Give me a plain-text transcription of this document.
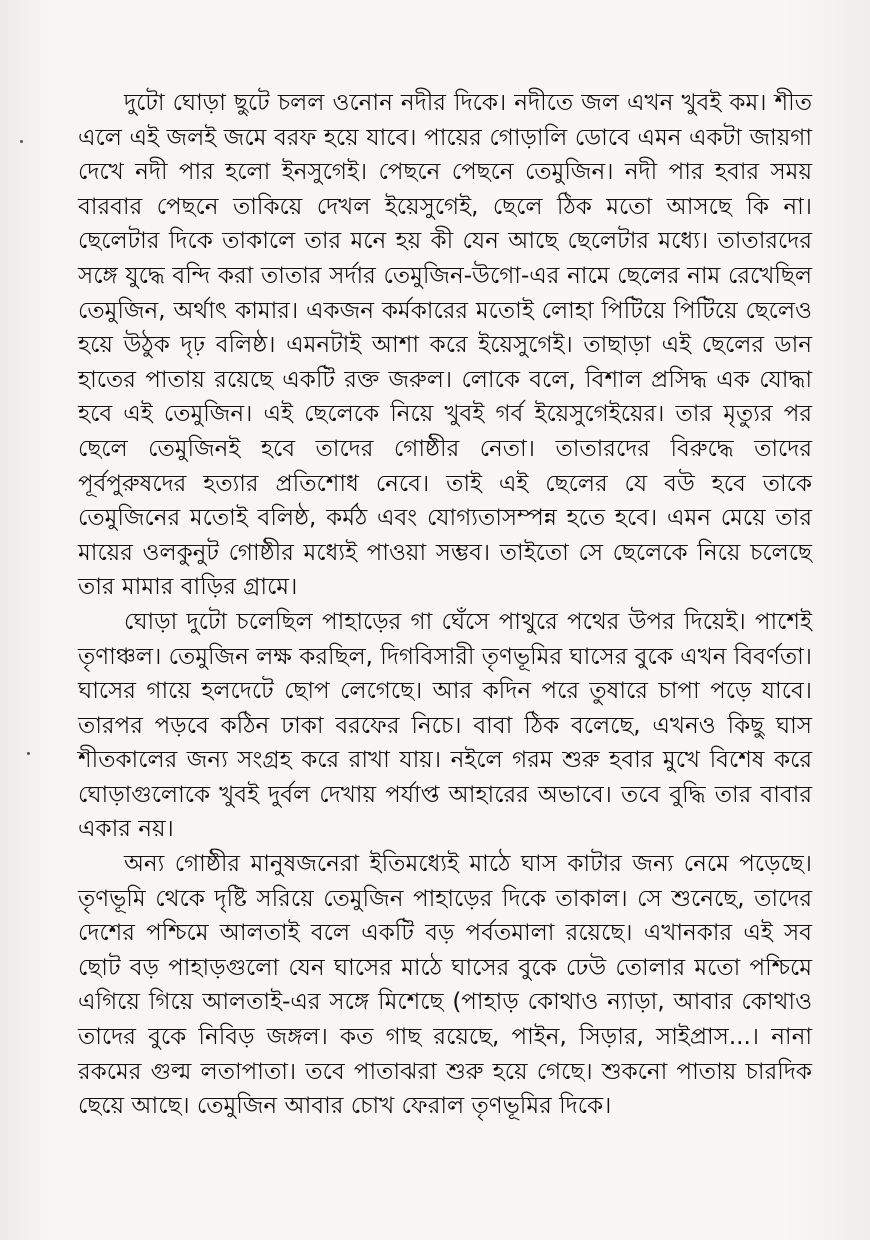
দুটো ঘোড়া ছুটে চলল ওনোন নদীর দিকে। নদীতে জল এখন খুবই কম। শীত এলে এই জলই জমে বরফ হয়ে যাবে। পায়ের গোড়ালি ডোবে এমন একটা জায়গা দেখে নদী পার হলো ইনসুগেই। পেছনে পেছনে তেমুজিন। নদী পার হবার সময় বারবার পেছনে তাকিয়ে দেখল ইয়েসুগেই, ছেলে ঠিক মতো আসছে কি না। ছেলেটার দিকে তাকালে তার মনে হয় কী যেন আছে ছেলেটার মধ্যে। তাতারদের সঙ্গে যুদ্ধে বন্দি করা তাতার সর্দার তেমুজিন-উগো-এর নামে ছেলের নাম রেখেছিল তেমুজিন, অর্থাৎ কামার। একজন কর্মকারের মতোই লোহা পিটিয়ে পিটিয়ে ছেলেও হয়ে উঠুক দৃঢ় বলিষ্ঠ। এমনটাই আশা করে ইয়েসুগেই। তাছাড়া এই ছেলের ডান হাতের পাতায় রয়েছে একটি রক্ত জরুল। লোকে বলে, বিশাল প্রসিদ্ধ এক যোদ্ধা হবে এই তেমুজিন। এই ছেলেকে নিয়ে খুবই গর্ব ইয়েসুগেইয়ের। তার মৃত্যুর পর ছেলে তেমুজিনই হবে তাদের গোষ্ঠীর নেতা। তাতারদের বিরুদ্ধে তাদের পূর্বপুরুষদের হত্যার প্রতিশোধ নেবে। তাই এই ছেলের যে বউ হবে তাকে তেমুজিনের মতোই বলিষ্ঠ, কর্মঠ এবং যোগ্যতাসম্পন্ন হতে হবে। এমন মেয়ে তার মায়ের ওলকুনুট গোষ্ঠীর মধ্যেই পাওয়া সম্ভব। তাইতো সে ছেলেকে নিয়ে চলেছে তার মামার বাড়ির গ্রামে।

ঘোড়া দুটো চলেছিল পাহাড়ের গা ঘেঁসে পাথুরে পথের উপর দিয়েই। পাশেই তৃণাঞ্চল। তেমুজিন লক্ষ করছিল, দিগবিসারী তৃণভূমির ঘাসের বুকে এখন বিবর্ণতা। ঘাসের গায়ে হলদেটে ছোপ লেগেছে। আর কদিন পরে তুষারে চাপা পড়ে যাবে। তারপর পড়বে কঠিন ঢাকা বরফের নিচে। বাবা ঠিক বলেছে, এখনও কিছু ঘাস শীতকালের জন্য সংগ্রহ করে রাখা যায়। নইলে গরম শুরু হবার মুখে বিশেষ করে ঘোড়াগুলোকে খুবই দুর্বল দেখায় পর্যাপ্ত আহারের অভাবে। তবে বুদ্ধি তার বাবার একার নয়।

অন্য গোষ্ঠীর মানুষজনেরা ইতিমধ্যেই মাঠে ঘাস কাটার জন্য নেমে পড়েছে। তৃণভূমি থেকে দৃষ্টি সরিয়ে তেমুজিন পাহাড়ের দিকে তাকাল। সে শুনেছে, তাদের দেশের পশ্চিমে আলতাই বলে একটি বড় পর্বতমালা রয়েছে। এখানকার এই সব ছোট বড় পাহাড়গুলো যেন ঘাসের মাঠে ঘাসের বুকে ঢেউ তোলার মতো পশ্চিমে এগিয়ে গিয়ে আলতাই-এর সঙ্গে মিশেছে (পাহাড় কোথাও ন্যাড়া, আবার কোথাও তাদের বুকে নিবিড় জঙ্গল। কত গাছ রয়েছে, পাইন, সিড়ার, সাইপ্রাস...। নানা রকমের গুল্ম লতাপাতা। তবে পাতাঝরা শুরু হয়ে গেছে। শুকনো পাতায় চারদিক ছেয়ে আছে। তেমুজিন আবার চোখ ফেরাল তৃণভূমির দিকে।
